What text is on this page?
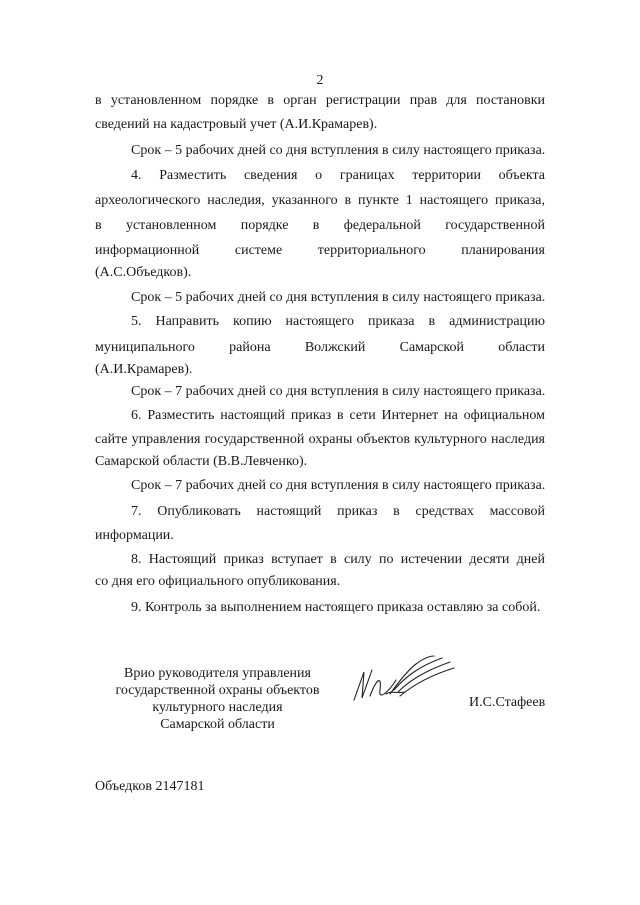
2
в установленном порядке в орган регистрации прав для постановки
сведений на кадастровый учет (А.И.Крамарев).
Срок – 5 рабочих дней со дня вступления в силу настоящего приказа.
4. Разместить сведения о границах территории объекта
археологического наследия, указанного в пункте 1 настоящего приказа,
в установленном порядке в федеральной государственной
информационной системе территориального планирования
(А.С.Объедков).
Срок – 5 рабочих дней со дня вступления в силу настоящего приказа.
5. Направить копию настоящего приказа в администрацию
муниципального района Волжский Самарской области
(А.И.Крамарев).
Срок – 7 рабочих дней со дня вступления в силу настоящего приказа.
6. Разместить настоящий приказ в сети Интернет на официальном
сайте управления государственной охраны объектов культурного наследия
Самарской области (В.В.Левченко).
Срок – 7 рабочих дней со дня вступления в силу настоящего приказа.
7. Опубликовать настоящий приказ в средствах массовой
информации.
8. Настоящий приказ вступает в силу по истечении десяти дней
со дня его официального опубликования.
9. Контроль за выполнением настоящего приказа оставляю за собой.
Врио руководителя управления
государственной охраны объектов
культурного наследия
Самарской области
И.С.Стафеев
Объедков 2147181
